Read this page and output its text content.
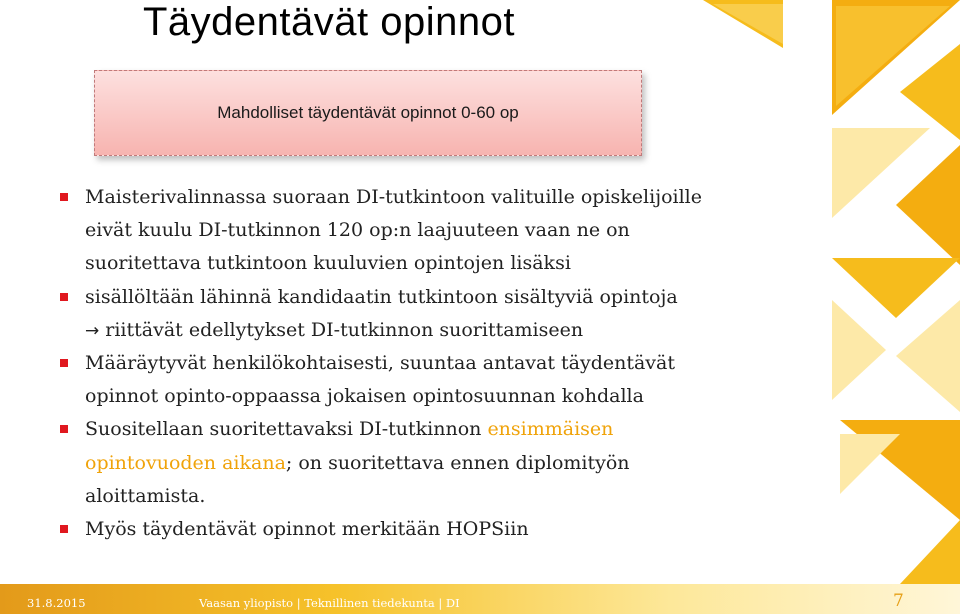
Täydentävät opinnot
Mahdolliset täydentävät opinnot 0-60 op
Maisterivalinnassa suoraan DI-tutkintoon valituille opiskelijoille
eivät kuulu DI-tutkinnon 120 op:n laajuuteen vaan ne on
suoritettava tutkintoon kuuluvien opintojen lisäksi
sisällöltään lähinnä kandidaatin tutkintoon sisältyviä opintoja
→ riittävät edellytykset DI-tutkinnon suorittamiseen
Määräytyvät henkilökohtaisesti, suuntaa antavat täydentävät
opinnot opinto-oppaassa jokaisen opintosuunnan kohdalla
Suositellaan suoritettavaksi DI-tutkinnon ensimmäisen
opintovuoden aikana; on suoritettava ennen diplomityön
aloittamista.
Myös täydentävät opinnot merkitään HOPSiin
31.8.2015	Vaasan yliopisto | Teknillinen tiedekunta | DI	7
